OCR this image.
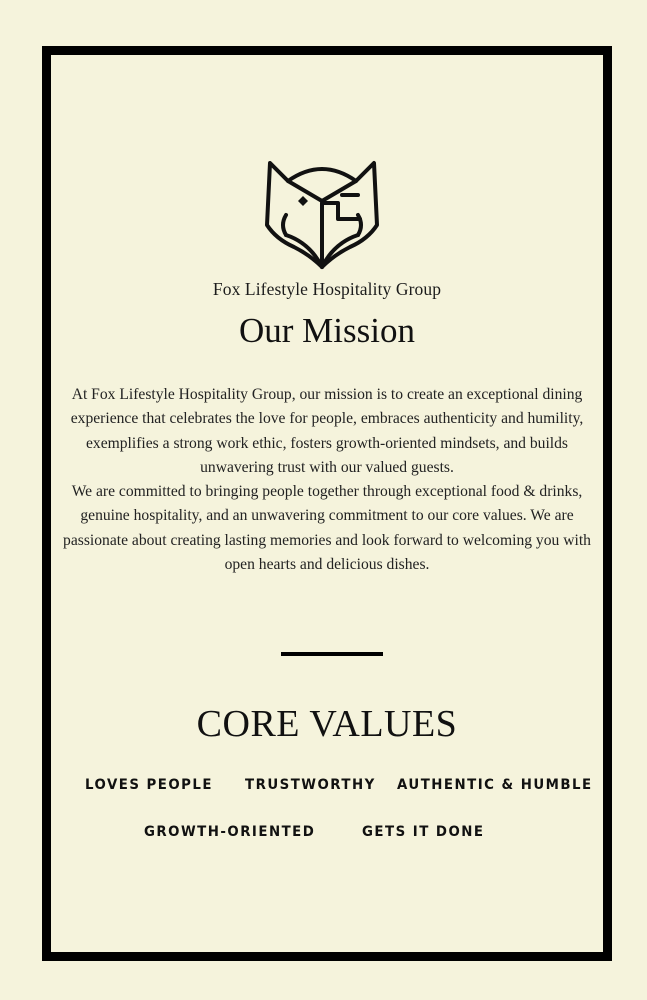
Fox Lifestyle Hospitality Group
Our Mission

At Fox Lifestyle Hospitality Group, our mission is to create an exceptional dining experience that celebrates the love for people, embraces authenticity and humility, exemplifies a strong work ethic, fosters growth-oriented mindsets, and builds unwavering trust with our valued guests.

We are committed to bringing people together through exceptional food & drinks, genuine hospitality, and an unwavering commitment to our core values. We are passionate about creating lasting memories and look forward to welcoming you with open hearts and delicious dishes.

CORE VALUES
LOVES PEOPLE TRUSTWORTHY AUTHENTIC & HUMBLE
GROWTH-ORIENTED	GETS IT DONE
